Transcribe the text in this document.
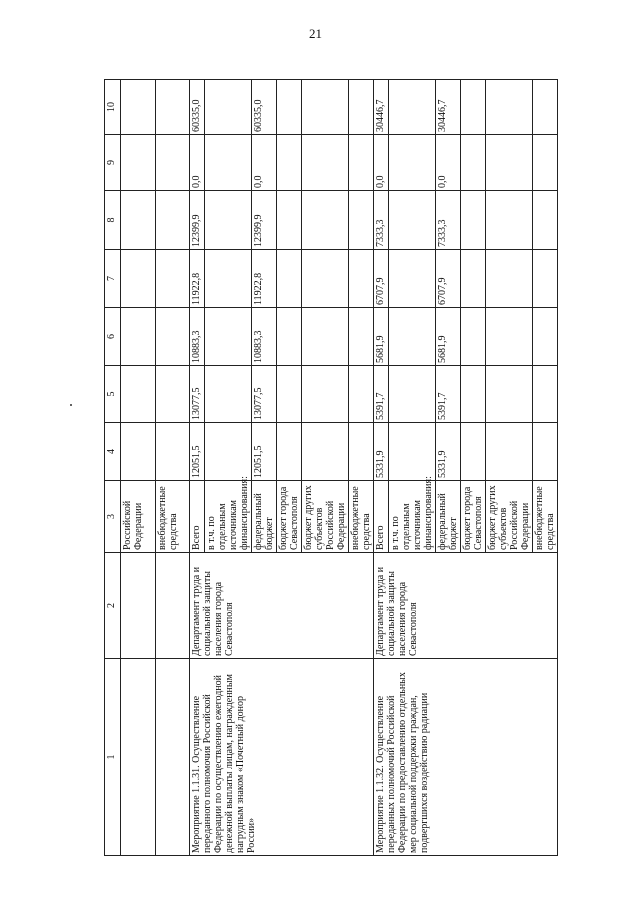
21
1	2	3	4	5	6	7	8	9	10
		Российской Федерации							
		внебюджетные средства							
Мероприятие 1.1.31. Осуществление переданного полномочия Российской Федерации по осуществлению ежегодной денежной выплаты лицам, награжденным нагрудным знаком «Почетный донор России»	Департамент труда и социальной защиты населения города Севастополя	Всего	12051,5	13077,5	10883,3	11922,8	12399,9	0,0	60335,0
		в т.ч. по отдельным источникам финансирования:							
		федеральный бюджет	12051,5	13077,5	10883,3	11922,8	12399,9	0,0	60335,0
		бюджет города Севастополя							
		бюджет других субъектов Российской Федерации							
		внебюджетные средства							
Мероприятие 1.1.32. Осуществление переданных полномочий Российской Федерации по предоставлению отдельных мер социальной поддержки граждан, подвергшихся воздействию радиации	Департамент труда и социальной защиты населения города Севастополя	Всего	5331,9	5391,7	5681,9	6707,9	7333,3	0,0	30446,7
		в т.ч. по отдельным источникам финансирования:							
		федеральный бюджет	5331,9	5391,7	5681,9	6707,9	7333,3	0,0	30446,7
		бюджет города Севастополя							
		бюджет других субъектов Российской Федерации							
		внебюджетные средства							
